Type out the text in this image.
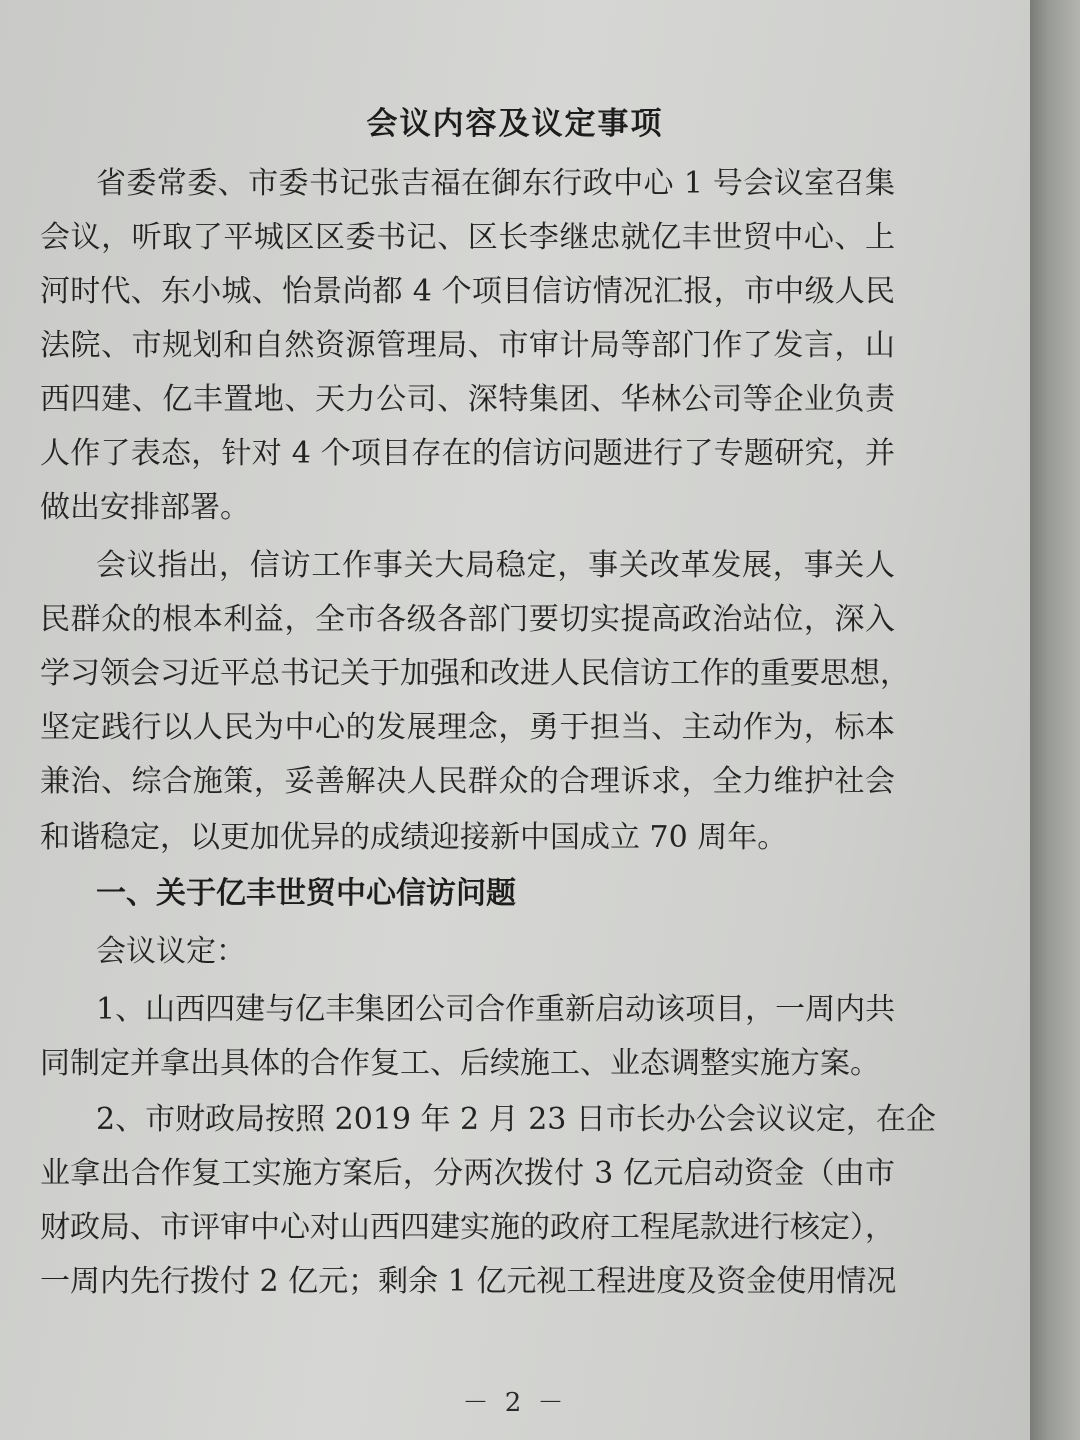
会议内容及议定事项
省委常委、市委书记张吉福在御东行政中心 1 号会议室召集
会议，听取了平城区区委书记、区长李继忠就亿丰世贸中心、上
河时代、东小城、怡景尚都 4 个项目信访情况汇报，市中级人民
法院、市规划和自然资源管理局、市审计局等部门作了发言，山
西四建、亿丰置地、天力公司、深特集团、华林公司等企业负责
人作了表态，针对 4 个项目存在的信访问题进行了专题研究，并
做出安排部署。
会议指出，信访工作事关大局稳定，事关改革发展，事关人
民群众的根本利益，全市各级各部门要切实提高政治站位，深入
学习领会习近平总书记关于加强和改进人民信访工作的重要思想，
坚定践行以人民为中心的发展理念，勇于担当、主动作为，标本
兼治、综合施策，妥善解决人民群众的合理诉求，全力维护社会
和谐稳定，以更加优异的成绩迎接新中国成立 70 周年。
一、关于亿丰世贸中心信访问题
会议议定：
1、山西四建与亿丰集团公司合作重新启动该项目，一周内共
同制定并拿出具体的合作复工、后续施工、业态调整实施方案。
2、市财政局按照 2019 年 2 月 23 日市长办公会议议定，在企
业拿出合作复工实施方案后，分两次拨付 3 亿元启动资金（由市
财政局、市评审中心对山西四建实施的政府工程尾款进行核定），
一周内先行拨付 2 亿元；剩余 1 亿元视工程进度及资金使用情况
－ 2 －
